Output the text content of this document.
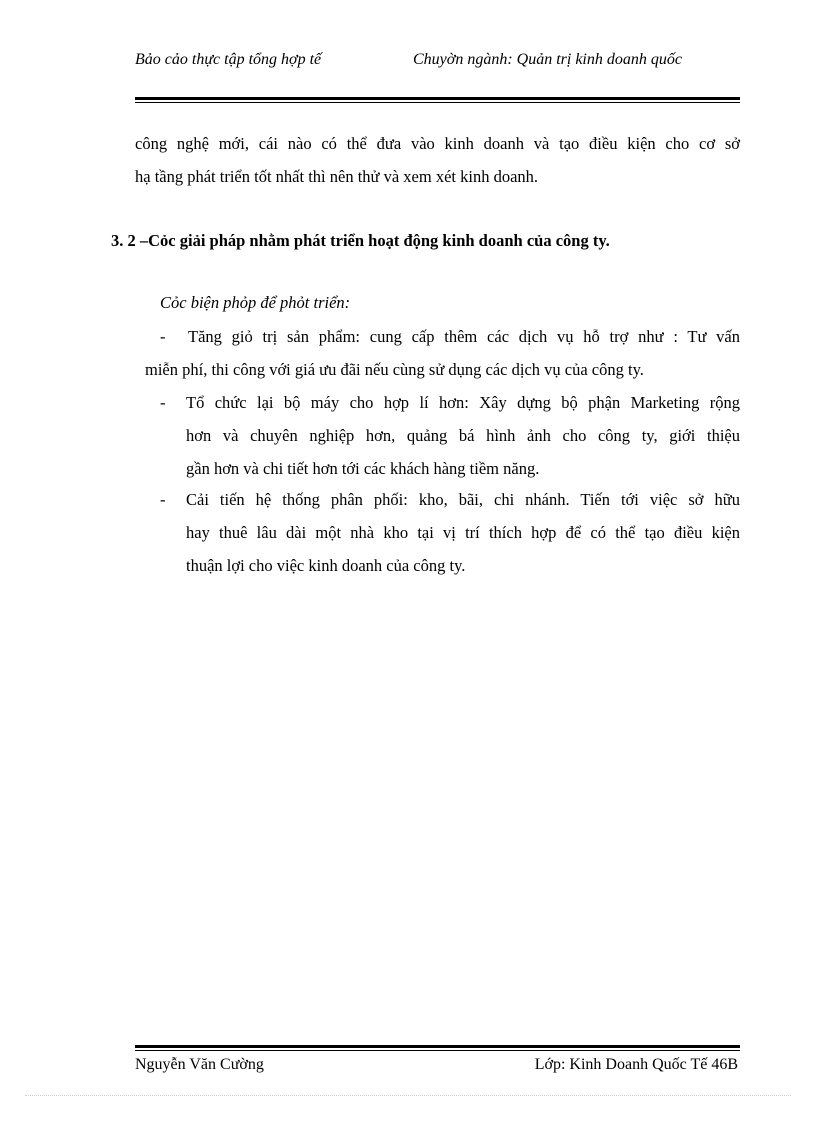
Bảo cảo thực tập tổng hợp tế	Chuyờn ngành: Quản trị kinh doanh quốc
công nghệ mới, cái nào có thể đưa vào kinh doanh và tạo điều kiện cho cơ sở
hạ tầng phát triển tốt nhất thì nên thử và xem xét kinh doanh.
3. 2 –Cỏc giải pháp nhằm phát triển hoạt động kinh doanh của công ty.
Cỏc biện phỏp để phỏt triển:
- Tăng giỏ trị sản phẩm: cung cấp thêm các dịch vụ hỗ trợ như : Tư vấn
miễn phí, thi công với giá ưu đãi nếu cùng sử dụng các dịch vụ của công ty.
- Tổ chức lại bộ máy cho hợp lí hơn: Xây dựng bộ phận Marketing rộng
hơn và chuyên nghiệp hơn, quảng bá hình ảnh cho công ty, giới thiệu
gần hơn và chi tiết hơn tới các khách hàng tiềm năng.
- Cải tiến hệ thống phân phối: kho, bãi, chi nhánh. Tiến tới việc sở hữu
hay thuê lâu dài một nhà kho tại vị trí thích hợp để có thể tạo điều kiện
thuận lợi cho việc kinh doanh của công ty.
Nguyễn Văn Cường	Lớp: Kinh Doanh Quốc Tế 46B
